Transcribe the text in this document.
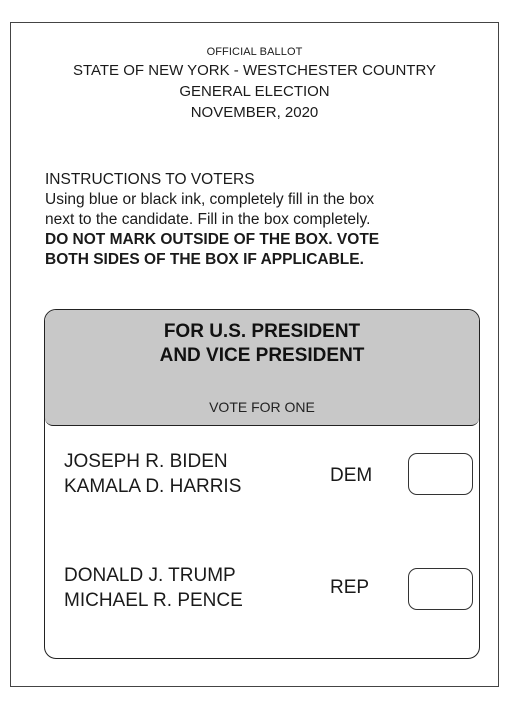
OFFICIAL BALLOT
STATE OF NEW YORK - WESTCHESTER COUNTRY
GENERAL ELECTION
NOVEMBER, 2020
INSTRUCTIONS TO VOTERS
Using blue or black ink, completely fill in the box
next to the candidate. Fill in the box completely.
DO NOT MARK OUTSIDE OF THE BOX. VOTE
BOTH SIDES OF THE BOX IF APPLICABLE.
FOR U.S. PRESIDENT
AND VICE PRESIDENT
VOTE FOR ONE
JOSEPH R. BIDEN
KAMALA D. HARRIS
DEM
DONALD J. TRUMP
MICHAEL R. PENCE
REP
